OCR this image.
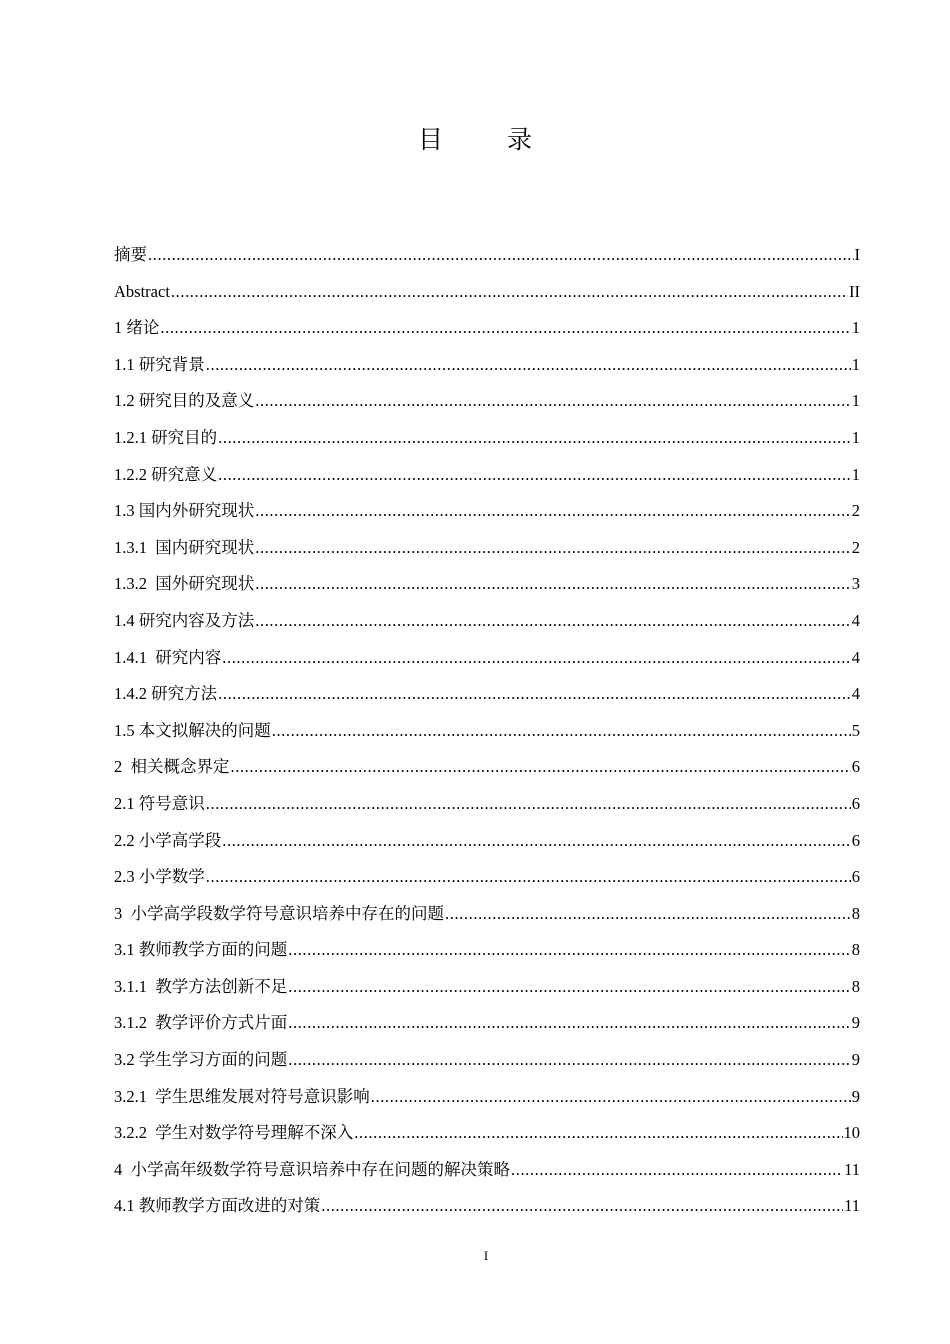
目 录
摘要 .....	I
Abstract .....	II
1 绪论 .....	1
1.1 研究背景 .....	1
1.2 研究目的及意义 .....	1
1.2.1 研究目的 .....	1
1.2.2 研究意义 .....	1
1.3 国内外研究现状 .....	2
1.3.1  国内研究现状 .....	2
1.3.2  国外研究现状 .....	3
1.4 研究内容及方法 .....	4
1.4.1  研究内容 .....	4
1.4.2 研究方法 .....	4
1.5 本文拟解决的问题 .....	5
2  相关概念界定 .....	6
2.1 符号意识 .....	6
2.2 小学高学段 .....	6
2.3 小学数学 .....	6
3  小学高学段数学符号意识培养中存在的问题 .....	8
3.1 教师教学方面的问题 .....	8
3.1.1  教学方法创新不足 .....	8
3.1.2  教学评价方式片面 .....	9
3.2 学生学习方面的问题 .....	9
3.2.1  学生思维发展对符号意识影响 .....	9
3.2.2  学生对数学符号理解不深入 .....	10
4  小学高年级数学符号意识培养中存在问题的解决策略 .....	11
4.1 教师教学方面改进的对策 .....	11
I
